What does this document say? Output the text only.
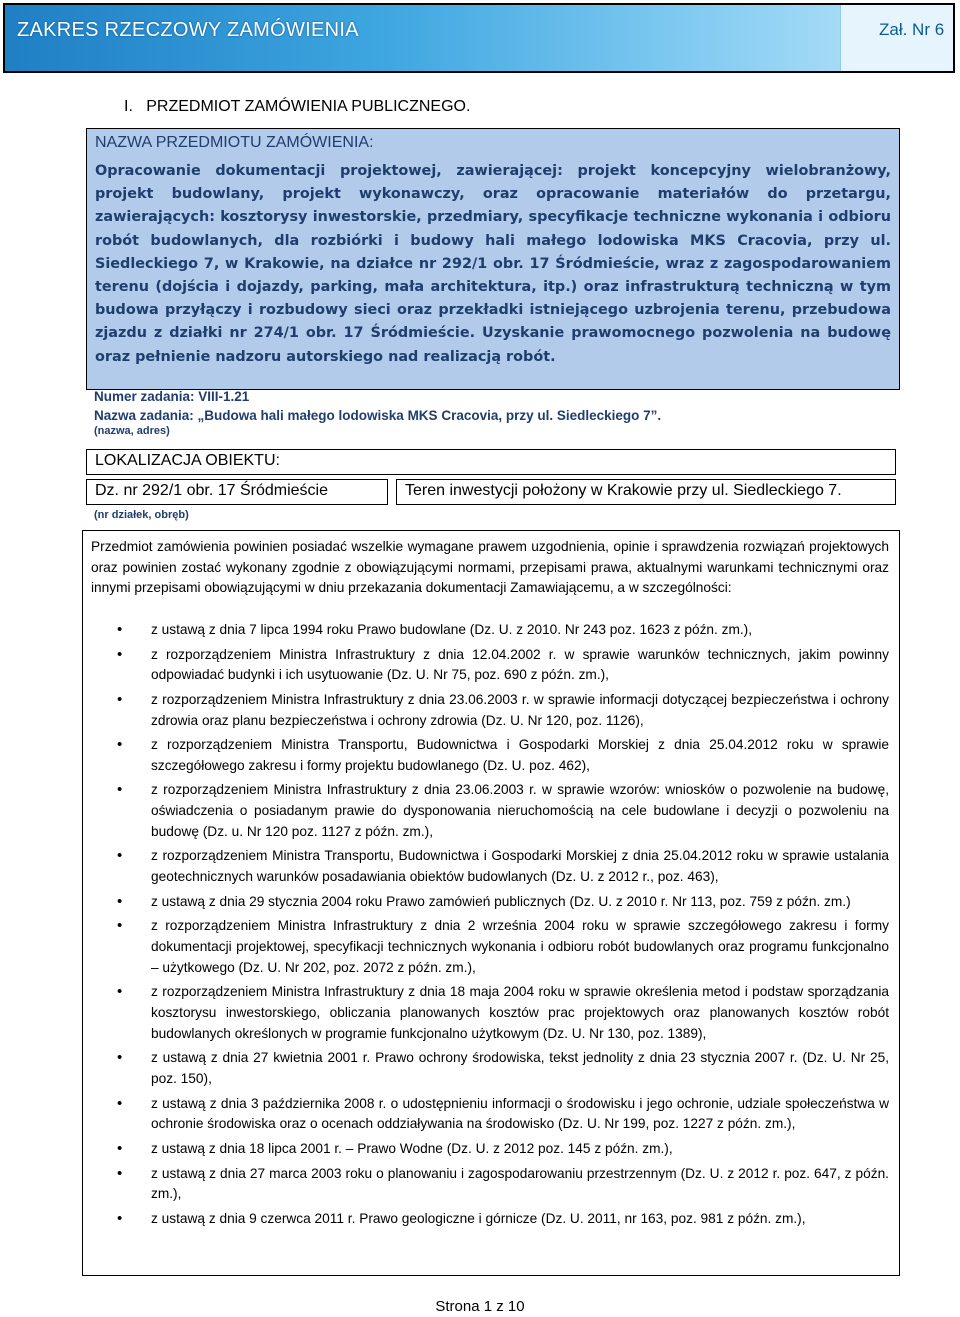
ZAKRES RZECZOWY ZAMÓWIENIA	Zał. Nr 6
I.   PRZEDMIOT ZAMÓWIENIA PUBLICZNEGO.
NAZWA PRZEDMIOTU ZAMÓWIENIA:
Opracowanie dokumentacji projektowej, zawierającej: projekt koncepcyjny wielobranżowy, projekt budowlany, projekt wykonawczy, oraz opracowanie materiałów do przetargu, zawierających: kosztorysy inwestorskie, przedmiary, specyfikacje techniczne wykonania i odbioru robót budowlanych, dla rozbiórki i budowy hali małego lodowiska MKS Cracovia, przy ul. Siedleckiego 7, w Krakowie, na działce nr 292/1 obr. 17 Śródmieście, wraz z zagospodarowaniem terenu (dojścia i dojazdy, parking, mała architektura, itp.) oraz infrastrukturą techniczną w tym budowa przyłączy i rozbudowy sieci oraz przekładki istniejącego uzbrojenia terenu, przebudowa zjazdu z działki nr 274/1 obr. 17 Śródmieście. Uzyskanie prawomocnego pozwolenia na budowę oraz pełnienie nadzoru autorskiego nad realizacją robót.
Numer zadania: VIII-1.21
Nazwa zadania: „Budowa hali małego lodowiska MKS Cracovia, przy ul. Siedleckiego 7”.
(nazwa, adres)
LOKALIZACJA OBIEKTU:
Dz. nr 292/1 obr. 17 Śródmieście	Teren inwestycji położony w Krakowie przy ul. Siedleckiego 7.
(nr działek, obręb)
Przedmiot zamówienia powinien posiadać wszelkie wymagane prawem uzgodnienia, opinie i sprawdzenia rozwiązań projektowych oraz powinien zostać wykonany zgodnie z obowiązującymi normami, przepisami prawa, aktualnymi warunkami technicznymi oraz innymi przepisami obowiązującymi w dniu przekazania dokumentacji Zamawiającemu, a w szczególności:
• z ustawą z dnia 7 lipca 1994 roku Prawo budowlane (Dz. U. z 2010. Nr 243 poz. 1623 z późn. zm.),
• z rozporządzeniem Ministra Infrastruktury z dnia 12.04.2002 r. w sprawie warunków technicznych, jakim powinny odpowiadać budynki i ich usytuowanie (Dz. U. Nr 75, poz. 690 z późn. zm.),
• z rozporządzeniem Ministra Infrastruktury z dnia 23.06.2003 r. w sprawie informacji dotyczącej bezpieczeństwa i ochrony zdrowia oraz planu bezpieczeństwa i ochrony zdrowia (Dz. U. Nr 120, poz. 1126),
• z rozporządzeniem Ministra Transportu, Budownictwa i Gospodarki Morskiej z dnia 25.04.2012 roku w sprawie szczegółowego zakresu i formy projektu budowlanego (Dz. U. poz. 462),
• z rozporządzeniem Ministra Infrastruktury z dnia 23.06.2003 r. w sprawie wzorów: wniosków o pozwolenie na budowę, oświadczenia o posiadanym prawie do dysponowania nieruchomością na cele budowlane i decyzji o pozwoleniu na budowę (Dz. u. Nr 120 poz. 1127 z późn. zm.),
• z rozporządzeniem Ministra Transportu, Budownictwa i Gospodarki Morskiej z dnia 25.04.2012 roku w sprawie ustalania geotechnicznych warunków posadawiania obiektów budowlanych (Dz. U. z 2012 r., poz. 463),
• z ustawą z dnia 29 stycznia 2004 roku Prawo zamówień publicznych (Dz. U. z 2010 r. Nr 113, poz. 759 z późn. zm.)
• z rozporządzeniem Ministra Infrastruktury z dnia 2 września 2004 roku w sprawie szczegółowego zakresu i formy dokumentacji projektowej, specyfikacji technicznych wykonania i odbioru robót budowlanych oraz programu funkcjonalno – użytkowego (Dz. U. Nr 202, poz. 2072 z późn. zm.),
• z rozporządzeniem Ministra Infrastruktury z dnia 18 maja 2004 roku w sprawie określenia metod i podstaw sporządzania kosztorysu inwestorskiego, obliczania planowanych kosztów prac projektowych oraz planowanych kosztów robót budowlanych określonych w programie funkcjonalno użytkowym (Dz. U. Nr 130, poz. 1389),
• z ustawą z dnia 27 kwietnia 2001 r. Prawo ochrony środowiska, tekst jednolity z dnia 23 stycznia 2007 r. (Dz. U. Nr 25, poz. 150),
• z ustawą z dnia 3 października 2008 r. o udostępnieniu informacji o środowisku i jego ochronie, udziale społeczeństwa w ochronie środowiska oraz o ocenach oddziaływania na środowisko (Dz. U. Nr 199, poz. 1227 z późn. zm.),
• z ustawą z dnia 18 lipca 2001 r. – Prawo Wodne (Dz. U. z 2012 poz. 145 z późn. zm.),
• z ustawą z dnia 27 marca 2003 roku o planowaniu i zagospodarowaniu przestrzennym (Dz. U. z 2012 r. poz. 647, z późn. zm.),
• z ustawą z dnia 9 czerwca 2011 r. Prawo geologiczne i górnicze (Dz. U. 2011, nr 163, poz. 981 z późn. zm.),
Strona 1 z 10
